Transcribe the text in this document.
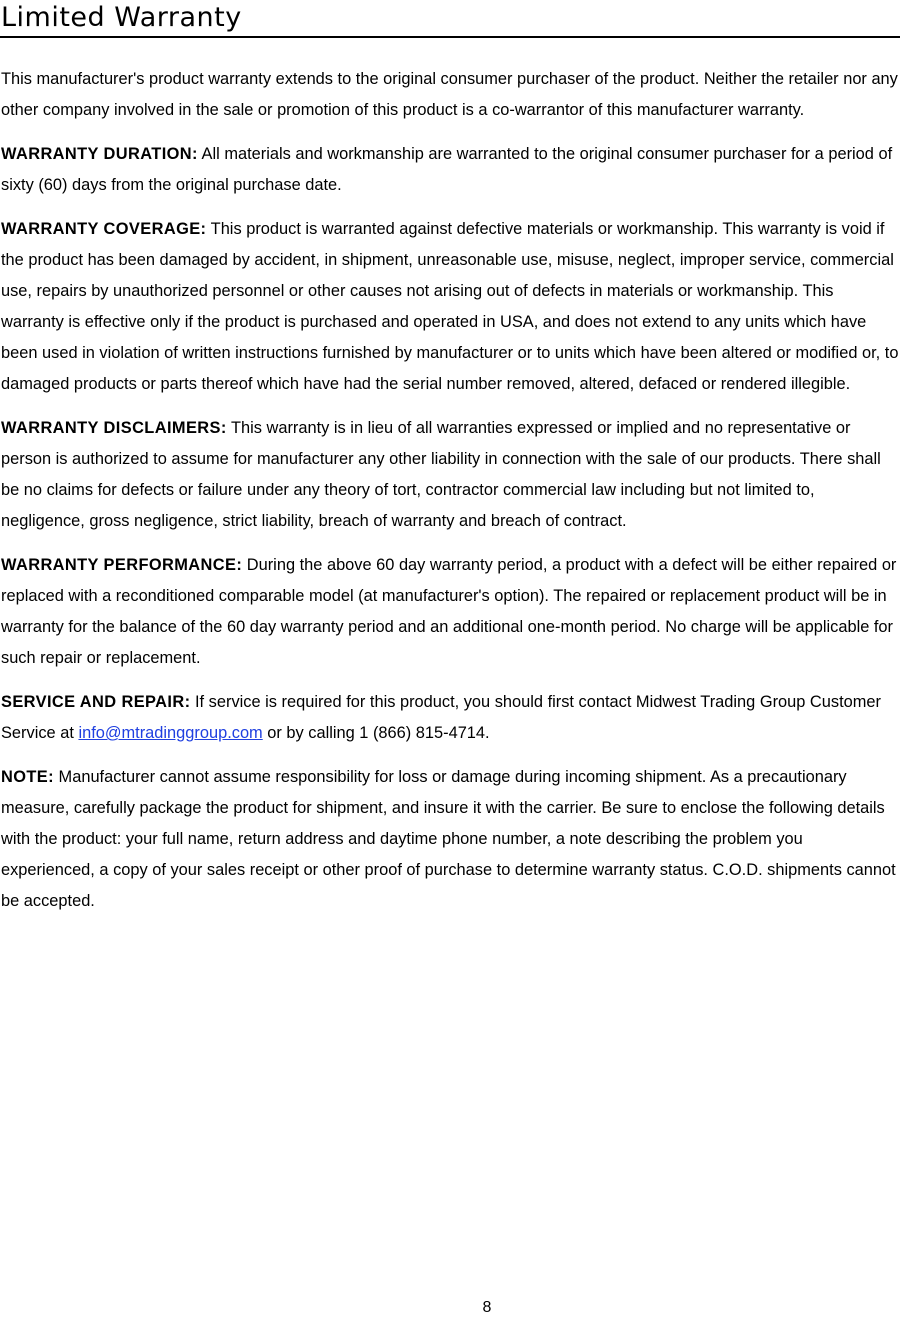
Limited Warranty

This manufacturer's product warranty extends to the original consumer purchaser of the product. Neither the retailer nor any other company involved in the sale or promotion of this product is a co-warrantor of this manufacturer warranty.

WARRANTY DURATION: All materials and workmanship are warranted to the original consumer purchaser for a period of sixty (60) days from the original purchase date.

WARRANTY COVERAGE: This product is warranted against defective materials or workmanship. This warranty is void if the product has been damaged by accident, in shipment, unreasonable use, misuse, neglect, improper service, commercial use, repairs by unauthorized personnel or other causes not arising out of defects in materials or workmanship. This warranty is effective only if the product is purchased and operated in USA, and does not extend to any units which have been used in violation of written instructions furnished by manufacturer or to units which have been altered or modified or, to damaged products or parts thereof which have had the serial number removed, altered, defaced or rendered illegible.

WARRANTY DISCLAIMERS: This warranty is in lieu of all warranties expressed or implied and no representative or person is authorized to assume for manufacturer any other liability in connection with the sale of our products. There shall be no claims for defects or failure under any theory of tort, contractor commercial law including but not limited to, negligence, gross negligence, strict liability, breach of warranty and breach of contract.

WARRANTY PERFORMANCE: During the above 60 day warranty period, a product with a defect will be either repaired or replaced with a reconditioned comparable model (at manufacturer's option). The repaired or replacement product will be in warranty for the balance of the 60 day warranty period and an additional one-month period. No charge will be applicable for such repair or replacement.

SERVICE AND REPAIR: If service is required for this product, you should first contact Midwest Trading Group Customer Service at info@mtradinggroup.com or by calling 1 (866) 815-4714.

NOTE: Manufacturer cannot assume responsibility for loss or damage during incoming shipment. As a precautionary measure, carefully package the product for shipment, and insure it with the carrier. Be sure to enclose the following details with the product: your full name, return address and daytime phone number, a note describing the problem you experienced, a copy of your sales receipt or other proof of purchase to determine warranty status. C.O.D. shipments cannot be accepted.

8
